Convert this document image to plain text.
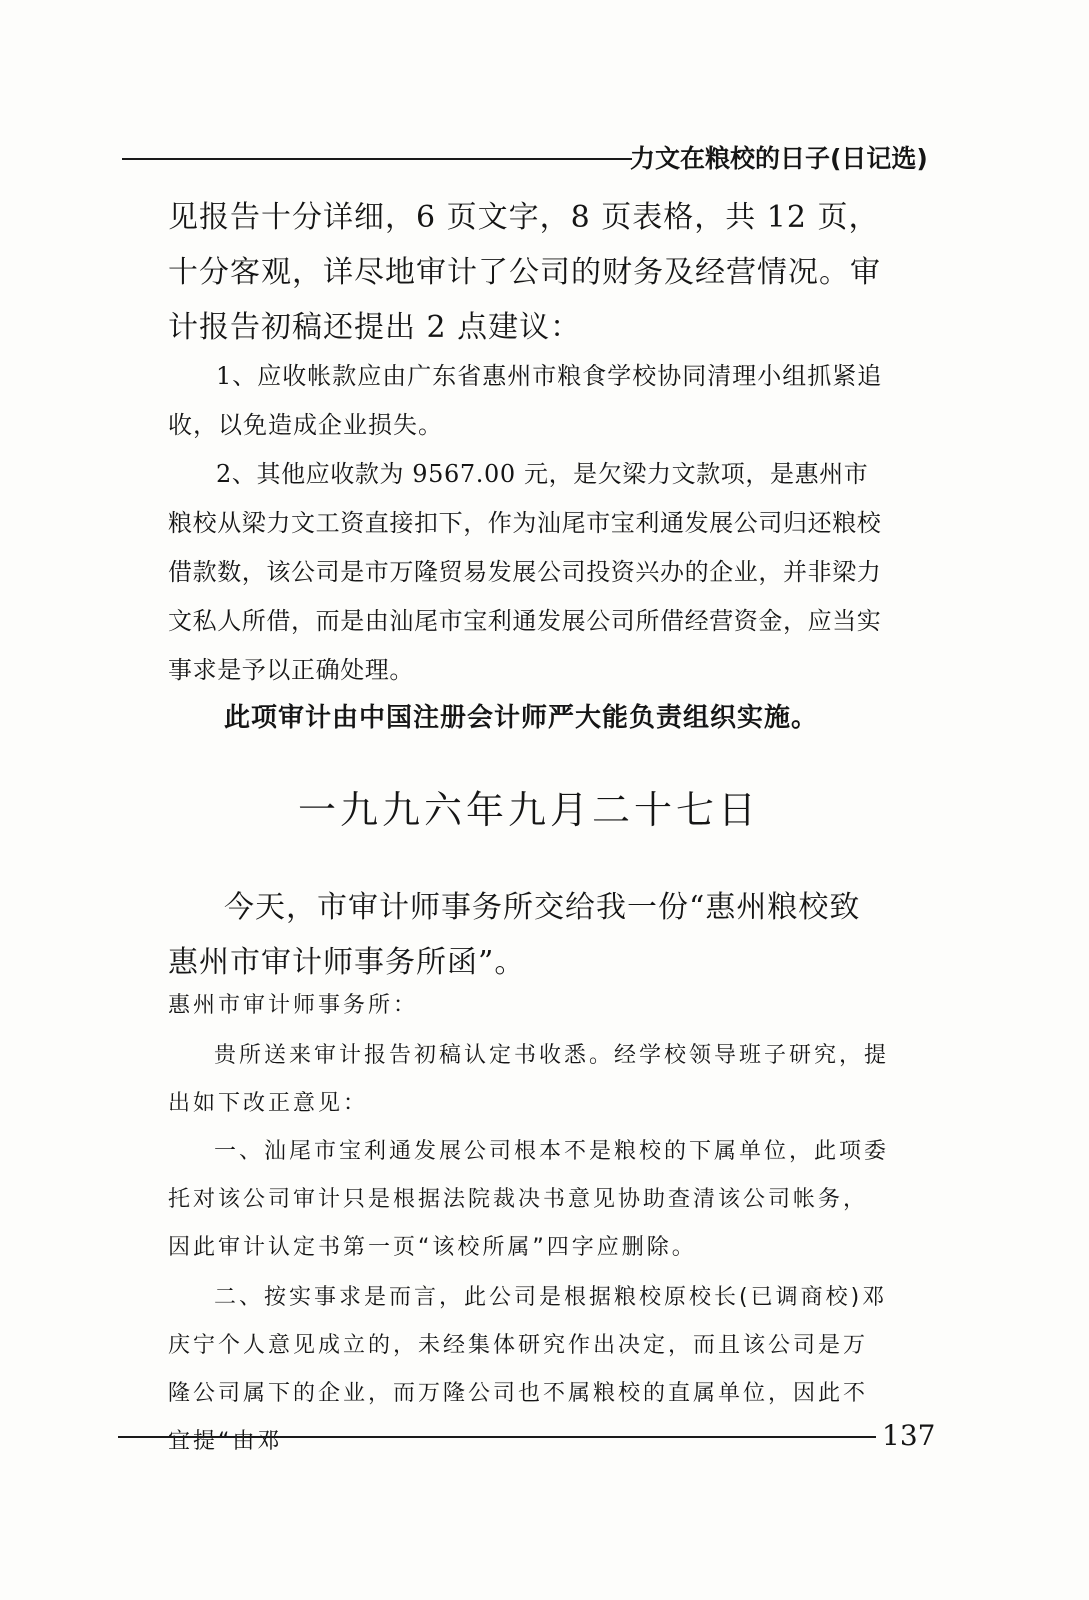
力文在粮校的日子(日记选)

见报告十分详细，6 页文字，8 页表格，共 12 页，十分客观，详尽地审计了公司的财务及经营情况。审计报告初稿还提出 2 点建议：

1、应收帐款应由广东省惠州市粮食学校协同清理小组抓紧追收，以免造成企业损失。

2、其他应收款为 9567.00 元，是欠梁力文款项，是惠州市粮校从梁力文工资直接扣下，作为汕尾市宝利通发展公司归还粮校借款数，该公司是市万隆贸易发展公司投资兴办的企业，并非梁力文私人所借，而是由汕尾市宝利通发展公司所借经营资金，应当实事求是予以正确处理。

此项审计由中国注册会计师严大能负责组织实施。

一九九六年九月二十七日

今天，市审计师事务所交给我一份“惠州粮校致惠州市审计师事务所函”。

惠州市审计师事务所：

贵所送来审计报告初稿认定书收悉。经学校领导班子研究，提出如下改正意见：

一、汕尾市宝利通发展公司根本不是粮校的下属单位，此项委托对该公司审计只是根据法院裁决书意见协助查清该公司帐务，因此审计认定书第一页“该校所属”四字应删除。

二、按实事求是而言，此公司是根据粮校原校长(已调商校)邓庆宁个人意见成立的，未经集体研究作出决定，而且该公司是万隆公司属下的企业，而万隆公司也不属粮校的直属单位，因此不宜提“由邓	137
